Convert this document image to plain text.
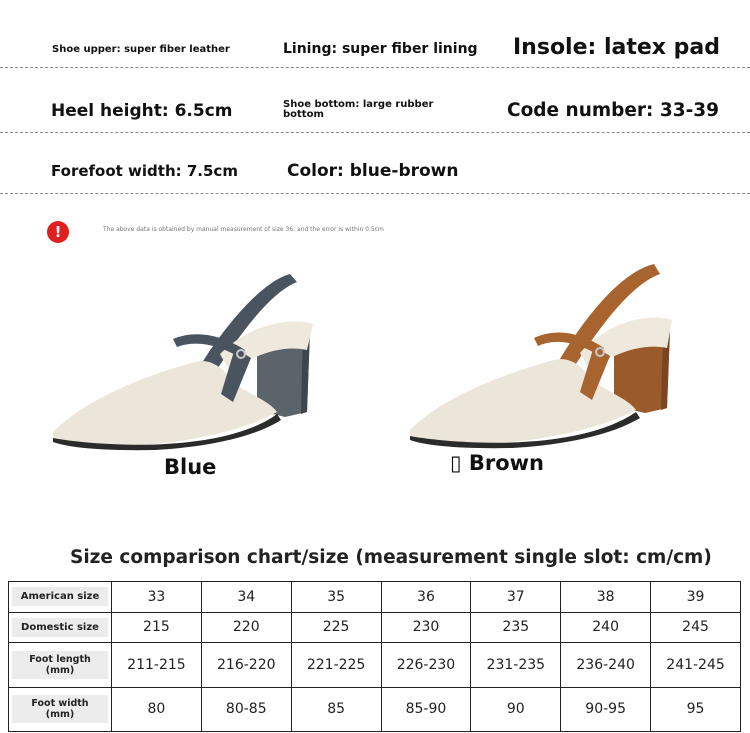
Shoe upper: super fiber leather	Lining: super fiber lining Insole: latex pad
Heel height: 6.5cm	Shoe bottom: large rubber bottom	Code number: 33-39
Forefoot width: 7.5cm	Color: blue-brown
!	The above data is obtained by manual measurement of size 36, and the error is within 0.5cm
Blue	▯ Brown
Size comparison chart/size (measurement single slot: cm/cm)
American size	33	34	35	36	37	38	39
Domestic size	215	220	225	230	235	240	245
Foot length
(mm)	211-215	216-220	221-225	226-230	231-235	236-240	241-245
Foot width
(mm)	80	80-85	85	85-90	90	90-95	95
